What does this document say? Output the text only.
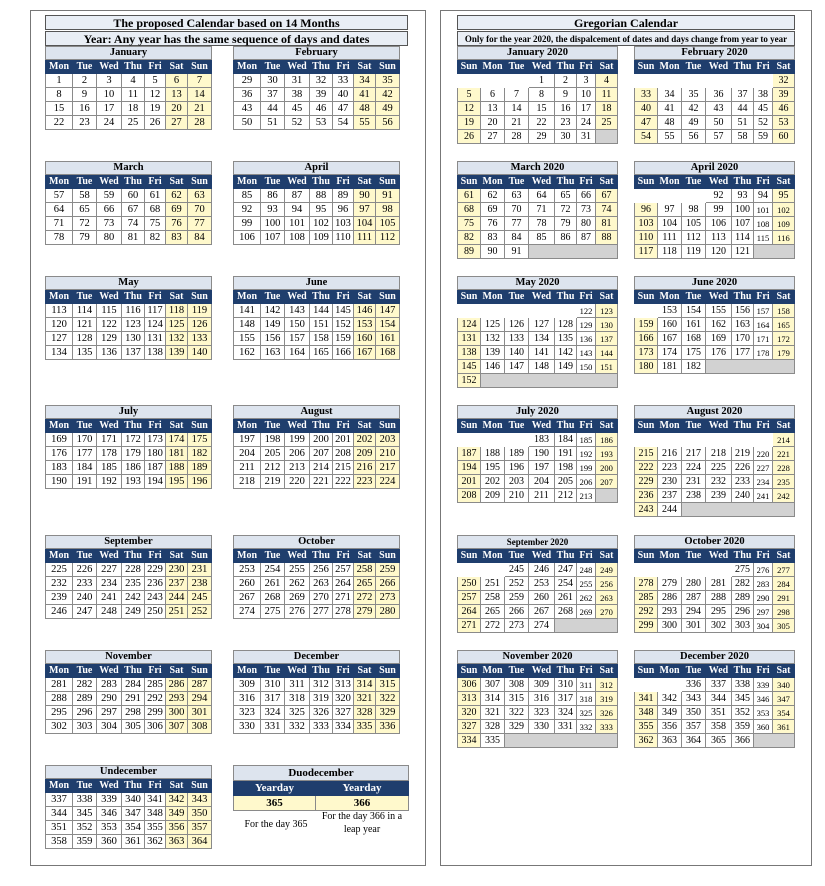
The proposed Calendar based on 14 Months
Year: Any year has the same sequence of days and dates
Gregorian Calendar
Only for the year 2020, the dispalcement of dates and days change from year to year
January						
Mon	Tue	Wed	Thu	Fri	Sat	Sun
1	2	3	4	5	6	7
8	9	10	11	12	13	14
15	16	17	18	19	20	21
22	23	24	25	26	27	28
February						
Mon	Tue	Wed	Thu	Fri	Sat	Sun
29	30	31	32	33	34	35
36	37	38	39	40	41	42
43	44	45	46	47	48	49
50	51	52	53	54	55	56
March						
Mon	Tue	Wed	Thu	Fri	Sat	Sun
57	58	59	60	61	62	63
64	65	66	67	68	69	70
71	72	73	74	75	76	77
78	79	80	81	82	83	84
April						
Mon	Tue	Wed	Thu	Fri	Sat	Sun
85	86	87	88	89	90	91
92	93	94	95	96	97	98
99	100	101	102	103	104	105
106	107	108	109	110	111	112
May						
Mon	Tue	Wed	Thu	Fri	Sat	Sun
113	114	115	116	117	118	119
120	121	122	123	124	125	126
127	128	129	130	131	132	133
134	135	136	137	138	139	140
June						
Mon	Tue	Wed	Thu	Fri	Sat	Sun
141	142	143	144	145	146	147
148	149	150	151	152	153	154
155	156	157	158	159	160	161
162	163	164	165	166	167	168
July						
Mon	Tue	Wed	Thu	Fri	Sat	Sun
169	170	171	172	173	174	175
176	177	178	179	180	181	182
183	184	185	186	187	188	189
190	191	192	193	194	195	196
August						
Mon	Tue	Wed	Thu	Fri	Sat	Sun
197	198	199	200	201	202	203
204	205	206	207	208	209	210
211	212	213	214	215	216	217
218	219	220	221	222	223	224
September						
Mon	Tue	Wed	Thu	Fri	Sat	Sun
225	226	227	228	229	230	231
232	233	234	235	236	237	238
239	240	241	242	243	244	245
246	247	248	249	250	251	252
October						
Mon	Tue	Wed	Thu	Fri	Sat	Sun
253	254	255	256	257	258	259
260	261	262	263	264	265	266
267	268	269	270	271	272	273
274	275	276	277	278	279	280
November						
Mon	Tue	Wed	Thu	Fri	Sat	Sun
281	282	283	284	285	286	287
288	289	290	291	292	293	294
295	296	297	298	299	300	301
302	303	304	305	306	307	308
December						
Mon	Tue	Wed	Thu	Fri	Sat	Sun
309	310	311	312	313	314	315
316	317	318	319	320	321	322
323	324	325	326	327	328	329
330	331	332	333	334	335	336
Undecember						
Mon	Tue	Wed	Thu	Fri	Sat	Sun
337	338	339	340	341	342	343
344	345	346	347	348	349	350
351	352	353	354	355	356	357
358	359	360	361	362	363	364
January 2020						
Sun	Mon	Tue	Wed	Thu	Fri	Sat
			1	2	3	4
5	6	7	8	9	10	11
12	13	14	15	16	17	18
19	20	21	22	23	24	25
26	27	28	29	30	31	
February 2020						
Sun	Mon	Tue	Wed	Thu	Fri	Sat
						32
33	34	35	36	37	38	39
40	41	42	43	44	45	46
47	48	49	50	51	52	53
54	55	56	57	58	59	60
March 2020						
Sun	Mon	Tue	Wed	Thu	Fri	Sat
61	62	63	64	65	66	67
68	69	70	71	72	73	74
75	76	77	78	79	80	81
82	83	84	85	86	87	88
89	90	91				
April 2020						
Sun	Mon	Tue	Wed	Thu	Fri	Sat
			92	93	94	95
96	97	98	99	100	101	102
103	104	105	106	107	108	109
110	111	112	113	114	115	116
117	118	119	120	121		
May 2020						
Sun	Mon	Tue	Wed	Thu	Fri	Sat
					122	123
124	125	126	127	128	129	130
131	132	133	134	135	136	137
138	139	140	141	142	143	144
145	146	147	148	149	150	151
152						
June 2020						
Sun	Mon	Tue	Wed	Thu	Fri	Sat
	153	154	155	156	157	158
159	160	161	162	163	164	165
166	167	168	169	170	171	172
173	174	175	176	177	178	179
180	181	182				
July 2020						
Sun	Mon	Tue	Wed	Thu	Fri	Sat
			183	184	185	186
187	188	189	190	191	192	193
194	195	196	197	198	199	200
201	202	203	204	205	206	207
208	209	210	211	212	213	
August 2020						
Sun	Mon	Tue	Wed	Thu	Fri	Sat
						214
215	216	217	218	219	220	221
222	223	224	225	226	227	228
229	230	231	232	233	234	235
236	237	238	239	240	241	242
243	244					
September 2020						
Sun	Mon	Tue	Wed	Thu	Fri	Sat
		245	246	247	248	249
250	251	252	253	254	255	256
257	258	259	260	261	262	263
264	265	266	267	268	269	270
271	272	273	274			
October 2020						
Sun	Mon	Tue	Wed	Thu	Fri	Sat
				275	276	277
278	279	280	281	282	283	284
285	286	287	288	289	290	291
292	293	294	295	296	297	298
299	300	301	302	303	304	305
November 2020						
Sun	Mon	Tue	Wed	Thu	Fri	Sat
306	307	308	309	310	311	312
313	314	315	316	317	318	319
320	321	322	323	324	325	326
327	328	329	330	331	332	333
334	335					
December 2020						
Sun	Mon	Tue	Wed	Thu	Fri	Sat
		336	337	338	339	340
341	342	343	344	345	346	347
348	349	350	351	352	353	354
355	356	357	358	359	360	361
362	363	364	365	366		
Duodecember	
Yearday	Yearday
365	366
For the day 365
For the day 366 in a leap year
